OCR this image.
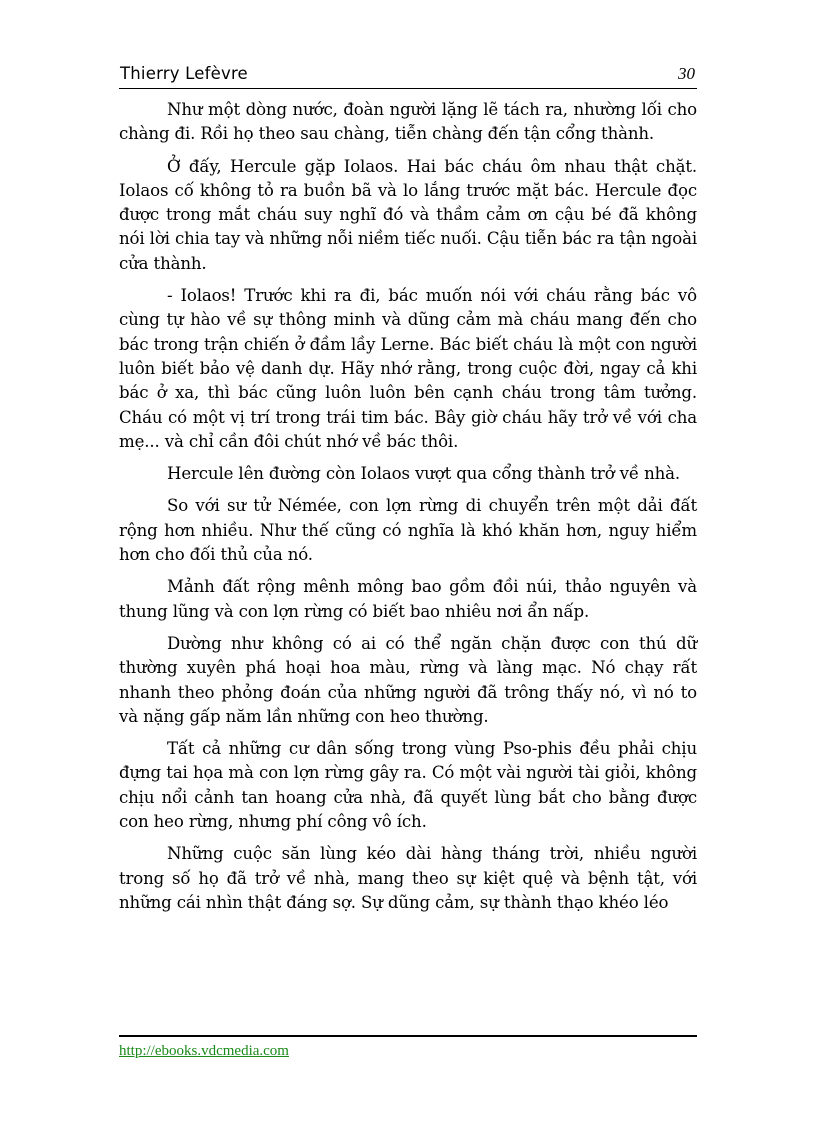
Thierry Lefèvre	30

Như một dòng nước, đoàn người lặng lẽ tách ra, nhường lối cho chàng đi. Rồi họ theo sau chàng, tiễn chàng đến tận cổng thành.

Ở đấy, Hercule gặp Iolaos. Hai bác cháu ôm nhau thật chặt. Iolaos cố không tỏ ra buồn bã và lo lắng trước mặt bác. Hercule đọc được trong mắt cháu suy nghĩ đó và thầm cảm ơn cậu bé đã không nói lời chia tay và những nỗi niềm tiếc nuối. Cậu tiễn bác ra tận ngoài cửa thành.

- Iolaos! Trước khi ra đi, bác muốn nói với cháu rằng bác vô cùng tự hào về sự thông minh và dũng cảm mà cháu mang đến cho bác trong trận chiến ở đầm lầy Lerne. Bác biết cháu là một con người luôn biết bảo vệ danh dự. Hãy nhớ rằng, trong cuộc đời, ngay cả khi bác ở xa, thì bác cũng luôn luôn bên cạnh cháu trong tâm tưởng. Cháu có một vị trí trong trái tim bác. Bây giờ cháu hãy trở về với cha mẹ... và chỉ cần đôi chút nhớ về bác thôi.

Hercule lên đường còn Iolaos vượt qua cổng thành trở về nhà.

So với sư tử Némée, con lợn rừng di chuyển trên một dải đất rộng hơn nhiều. Như thế cũng có nghĩa là khó khăn hơn, nguy hiểm hơn cho đối thủ của nó.

Mảnh đất rộng mênh mông bao gồm đồi núi, thảo nguyên và thung lũng và con lợn rừng có biết bao nhiêu nơi ẩn nấp.

Dường như không có ai có thể ngăn chặn được con thú dữ thường xuyên phá hoại hoa màu, rừng và làng mạc. Nó chạy rất nhanh theo phỏng đoán của những người đã trông thấy nó, vì nó to và nặng gấp năm lần những con heo thường.

Tất cả những cư dân sống trong vùng Pso-phis đều phải chịu đựng tai họa mà con lợn rừng gây ra. Có một vài người tài giỏi, không chịu nổi cảnh tan hoang cửa nhà, đã quyết lùng bắt cho bằng được con heo rừng, nhưng phí công vô ích.

Những cuộc săn lùng kéo dài hàng tháng trời, nhiều người trong số họ đã trở về nhà, mang theo sự kiệt quệ và bệnh tật, với những cái nhìn thật đáng sợ. Sự dũng cảm, sự thành thạo khéo léo

http://ebooks.vdcmedia.com
